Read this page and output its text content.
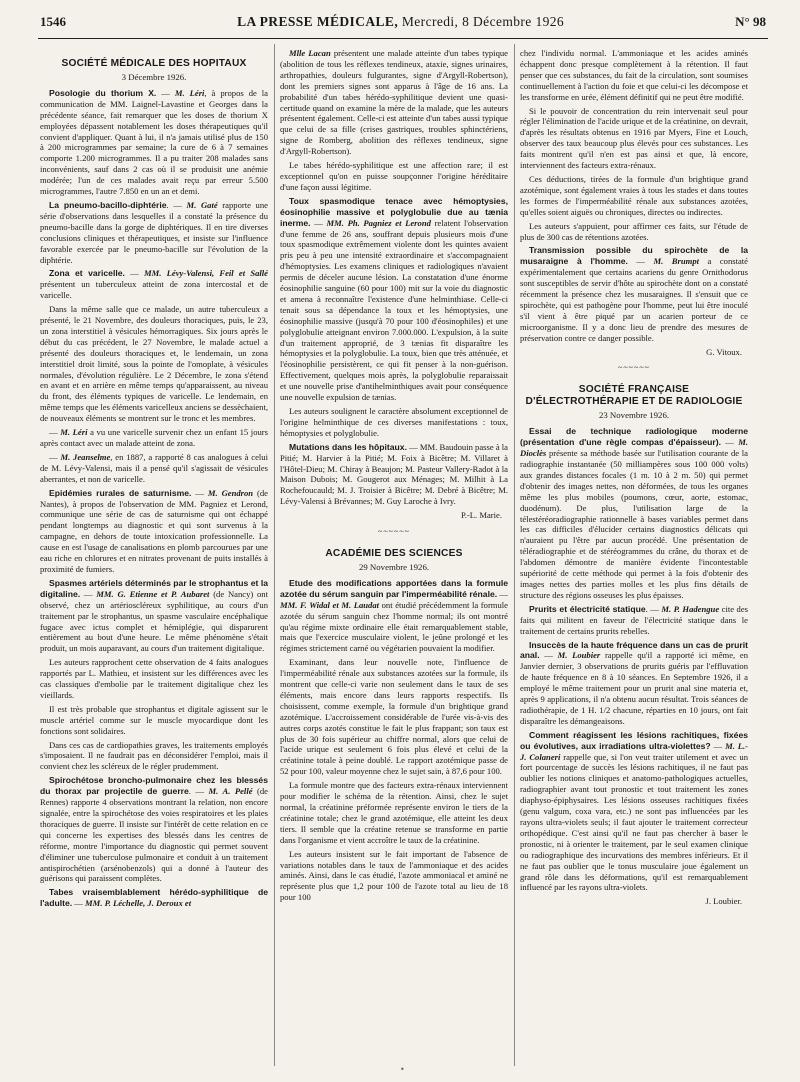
1546	LA PRESSE MÉDICALE, Mercredi, 8 Décembre 1926	N° 98
SOCIÉTÉ MÉDICALE DES HOPITAUX
3 Décembre 1926.

Posologie du thorium X. — M. Léri, à propos de la communication de MM. Laignel-Lavastine et Georges dans la précédente séance, fait remarquer que les doses de thorium X employées dépassent notablement les doses thérapeutiques qu'il convient d'appliquer. Quant à lui, il n'a jamais utilisé plus de 150 à 200 microgrammes par semaine; la cure de 6 à 7 semaines comporte 1.200 microgrammes. Il a pu traiter 208 malades sans inconvénients, sauf dans 2 cas où il se produisit une anémie modérée; l'un de ces malades avait reçu par erreur 5.500 microgrammes, l'autre 7.850 en un an et demi.

La pneumo-bacillo-diphtérie. — M. Gaté rapporte une série d'observations dans lesquelles il a constaté la présence du pneumo-bacille dans la gorge de diphtériques. Il en tire diverses conclusions cliniques et thérapeutiques, et insiste sur l'influence favorable exercée par le pneumo-bacille sur l'évolution de la diphtérie.

Zona et varicelle. — MM. Lévy-Valensi, Feil et Sallé présentent un tuberculeux atteint de zona intercostal et de varicelle.

Dans la même salle que ce malade, un autre tuberculeux a présenté, le 21 Novembre, des douleurs thoraciques, puis, le 23, un zona interstitiel à vésicules hémorragiques. Six jours après le début du cas précédent, le 27 Novembre, le malade actuel a présenté des douleurs thoraciques et, le lendemain, un zona interstitiel droit limité, sous la pointe de l'omoplate, à vésicules normales, d'évolution régulière. Le 2 Décembre, le zona s'étend en avant et en arrière en même temps qu'apparaissent, au niveau du front, des éléments typiques de varicelle. Le lendemain, en même temps que les éléments varicelleux anciens se dessèchaient, de nouveaux éléments se montrent sur le tronc et les membres.

— M. Léri a vu une varicelle survenir chez un enfant 15 jours après contact avec un malade atteint de zona.

— M. Jeanselme, en 1887, a rapporté 8 cas analogues à celui de M. Lévy-Valensi, mais il a pensé qu'il s'agissait de vésicules aberrantes, et non de varicelle.

Epidémies rurales de saturnisme. — M. Gendron (de Nantes), à propos de l'observation de MM. Pagniez et Lerond, communique une série de cas de saturnisme qui ont échappé pendant longtemps au diagnostic et qui sont survenus à la campagne, en dehors de toute intoxication professionnelle. La cause en est l'usage de canalisations en plomb parcourues par une eau riche en chlorures et en nitrates provenant de puits installés à proximité de fumiers.

Spasmes artériels déterminés par le strophantus et la digitaline. — MM. G. Etienne et P. Aubaret (de Nancy) ont observé, chez un artérioscléreux syphilitique, au cours d'un traitement par le strophantus, un spasme vasculaire encéphalique fugace avec ictus complet et hémiplégie, qui disparurent entièrement au bout d'une heure. Le même phénomène s'était produit, un mois auparavant, au cours d'un traitement digitalique.

Les auteurs rapprochent cette observation de 4 faits analogues rapportés par L. Mathieu, et insistent sur les différences avec les cas classiques d'embolie par le traitement digitalique chez les vieillards.

Il est très probable que strophantus et digitale agissent sur le muscle artériel comme sur le muscle myocardique dont les fonctions sont solidaires.

Dans ces cas de cardiopathies graves, les traitements employés s'imposaient. Il ne faudrait pas en déconsidérer l'emploi, mais il convient chez les scléreux de le régler prudemment.

Spirochétose broncho-pulmonaire chez les blessés du thorax par projectile de guerre. — M. A. Pellé (de Rennes) rapporte 4 observations montrant la relation, non encore signalée, entre la spirochétose des voies respiratoires et les plaies thoraciques de guerre. Il insiste sur l'intérêt de cette relation en ce qui concerne les expertises des blessés dans les centres de réforme, montre l'importance du diagnostic qui permet souvent d'éliminer une tuberculose pulmonaire et conduit à un traitement antispirochétien (arsénobenzols) qui a donné à l'auteur des guérisons qui paraissent complètes.

Tabes vraisemblablement hérédo-syphilitique de l'adulte. — MM. P. Léchelle, J. Deroux et

Mlle Lacan présentent une malade atteinte d'un tabes typique (abolition de tous les réflexes tendineux, ataxie, signes urinaires, arthropathies, douleurs fulgurantes, signe d'Argyll-Robertson), dont les premiers signes sont apparus à l'âge de 16 ans. La probabilité d'un tabes hérédo-syphilitique devient une quasi-certitude quand on examine la mère de la malade, que les auteurs présentent également. Celle-ci est atteinte d'un tabes aussi typique que celui de sa fille (crises gastriques, troubles sphinctériens, signe de Romberg, abolition des réflexes tendineux, signe d'Argyll-Robertson).

Le tabes hérédo-syphilitique est une affection rare; il est exceptionnel qu'on en puisse soupçonner l'origine héréditaire d'une façon aussi légitime.

Toux spasmodique tenace avec hémoptysies, éosinophilie massive et polyglobulie due au tænia inerme. — MM. Ph. Pagniez et Lerond relatent l'observation d'une femme de 26 ans, souffrant depuis plusieurs mois d'une toux spasmodique extrêmement violente dont les quintes avaient pris peu à peu une intensité extraordinaire et s'accompagnaient d'hémoptysies. Les examens cliniques et radiologiques n'avaient permis de déceler aucune lésion. La constatation d'une énorme éosinophilie sanguine (60 pour 100) mit sur la voie du diagnostic et amena à reconnaître l'existence d'une helminthiase. Celle-ci tenait sous sa dépendance la toux et les hémoptysies, une éosinophilie massive (jusqu'à 70 pour 100 d'éosinophiles) et une polyglobulie atteignant environ 7.000.000. L'expulsion, à la suite d'un traitement approprié, de 3 tænias fit disparaître les hémoptysies et la polyglobulie. La toux, bien que très atténuée, et l'éosinophilie persistèrent, ce qui fit penser à la non-guérison. Effectivement, quelques mois après, la polyglobulie reparaissait et une nouvelle prise d'antihelminthiques avait pour conséquence une nouvelle expulsion de tænias.

Les auteurs soulignent le caractère absolument exceptionnel de l'origine helminthique de ces diverses manifestations : toux, hémoptysies et polyglobulie.

Mutations dans les hôpitaux. — MM. Baudouin passe à la Pitié; M. Harvier à la Pitié; M. Foix à Bicêtre; M. Villaret à l'Hôtel-Dieu; M. Chiray à Beaujon; M. Pasteur Vallery-Radot à la Maison Dubois; M. Gougerot aux Ménages; M. Milhit à La Rochefoucauld; M. J. Troisier à Bicêtre; M. Debré à Bicêtre; M. Lévy-Valensi à Brévannes; M. Guy Laroche à Ivry.

P.-L. Marie.
~~~~~~
ACADÉMIE DES SCIENCES
29 Novembre 1926.

Etude des modifications apportées dans la formule azotée du sérum sanguin par l'imperméabilité rénale. — MM. F. Widal et M. Laudat ont étudié précédemment la formule azotée du sérum sanguin chez l'homme normal; ils ont montré qu'au régime mixte ordinaire elle était remarquablement stable, mais que l'exercice musculaire violent, le jeûne prolongé et les régimes strictement carné ou végétarien pouvaient la modifier.

Examinant, dans leur nouvelle note, l'influence de l'imperméabilité rénale aux substances azotées sur la formule, ils montrent que celle-ci varie non seulement dans le taux de ses éléments, mais encore dans leurs rapports respectifs. Ils choisissent, comme exemple, la formule d'un brightique grand azotémique. L'accroissement considérable de l'urée vis-à-vis des autres corps azotés constitue le fait le plus frappant; son taux est plus de 30 fois supérieur au chiffre normal, alors que celui de l'acide urique est seulement 6 fois plus élevé et celui de la créatinine totale à peine doublé. Le rapport azotémique passe de 52 pour 100, valeur moyenne chez le sujet sain, à 87,6 pour 100.

La formule montre que des facteurs extra-rénaux interviennent pour modifier le schéma de la rétention. Ainsi, chez le sujet normal, la créatinine préformée représente environ le tiers de la créatinine totale; chez le grand azotémique, elle atteint les deux tiers. Il semble que la créatine retenue se transforme en partie dans l'organisme et vient accroître le taux de la créatinine.

Les auteurs insistent sur le fait important de l'absence de variations notables dans le taux de l'ammoniaque et des acides aminés. Ainsi, dans le cas étudié, l'azote ammoniacal et aminé ne représente plus que 1,2 pour 100 de l'azote total au lieu de 18 pour 100

chez l'individu normal. L'ammoniaque et les acides aminés échappent donc presque complètement à la rétention. Il faut penser que ces substances, du fait de la circulation, sont soumises continuellement à l'action du foie et que celui-ci les décompose et les transforme en urée, élément définitif qui ne peut être modifié.

Si le pouvoir de concentration du rein intervenait seul pour régler l'élimination de l'acide urique et de la créatinine, on devrait, d'après les résultats obtenus en 1916 par Myers, Fine et Louch, observer des taux beaucoup plus élevés pour ces substances. Les faits montrent qu'il n'en est pas ainsi et que, là encore, interviennent des facteurs extra-rénaux.

Ces déductions, tirées de la formule d'un brightique grand azotémique, sont également vraies à tous les stades et dans toutes les formes de l'imperméabilité rénale aux substances azotées, qu'elles soient aiguës ou chroniques, directes ou indirectes.

Les auteurs s'appuient, pour affirmer ces faits, sur l'étude de plus de 300 cas de rétentions azotées.

Transmission possible du spirochète de la musaraigne à l'homme. — M. Brumpt a constaté expérimentalement que certains acariens du genre Ornithodorus sont susceptibles de servir d'hôte au spirochète dont on a constaté récemment la présence chez les musaraignes. Il s'ensuit que ce spirochète, qui est pathogène pour l'homme, peut lui être inoculé s'il vient à être piqué par un acarien porteur de ce microorganisme. Il y a donc lieu de prendre des mesures de préservation contre ce danger possible.

G. Vitoux.
~~~~~~
SOCIÉTÉ FRANÇAISE
D'ÉLECTROTHÉRAPIE ET DE RADIOLOGIE
23 Novembre 1926.

Essai de technique radiologique moderne (présentation d'une règle compas d'épaisseur). — M. Dioclès présente sa méthode basée sur l'utilisation courante de la radiographie instantanée (50 milliampères sous 100 000 volts) aux grandes distances focales (1 m. 10 à 2 m. 50) qui permet d'obtenir des images nettes, non déformées, de tous les organes même les plus mobiles (poumons, cœur, aorte, estomac, duodénum). De plus, l'utilisation large de la télestéréoradiographie rationnelle à bases variables permet dans les cas difficiles d'élucider certains diagnostics délicats qui n'auraient pu l'être par aucun procédé. Une présentation de téléradiographie et de stéréogrammes du crâne, du thorax et de l'abdomen démontre de manière évidente l'incontestable supériorité de cette méthode qui permet à la fois d'obtenir des images nettes des parties molles et les plus fins détails de structure des régions osseuses les plus épaisses.

Prurits et électricité statique. — M. P. Hadengue cite des faits qui militent en faveur de l'électricité statique dans le traitement de certains prurits rebelles.

Insuccès de la haute fréquence dans un cas de prurit anal. — M. Loubier rappelle qu'il a rapporté ici même, en Janvier dernier, 3 observations de prurits guéris par l'effluvation de haute fréquence en 8 à 10 séances. En Septembre 1926, il a employé le même traitement pour un prurit anal sine materia et, après 9 applications, il n'a obtenu aucun résultat. Trois séances de radiothérapie, de 1 H. 1/2 chacune, réparties en 10 jours, ont fait disparaître les démangeaisons.

Comment réagissent les lésions rachitiques, fixées ou évolutives, aux irradiations ultra-violettes? — M. L.-J. Colaneri rappelle que, si l'on veut traiter utilement et avec un fort pourcentage de succès les lésions rachitiques, il ne faut pas oublier les notions cliniques et anatomo-pathologiques actuelles, radiographier avant tout pronostic et tout traitement les zones diaphyso-épiphysaires. Les lésions osseuses rachitiques fixées (genu valgum, coxa vara, etc.) ne sont pas influencées par les rayons ultra-violets seuls; il faut ajouter le traitement correcteur orthopédique. C'est ainsi qu'il ne faut pas chercher à baser le pronostic, ni à orienter le traitement, par le seul examen clinique ou radiographique des incurvations des membres inférieurs. Et il ne faut pas oublier que le tonus musculaire joue également un grand rôle dans les déformations, qu'il est remarquablement influencé par les rayons ultra-violets.

J. Loubier.
•
